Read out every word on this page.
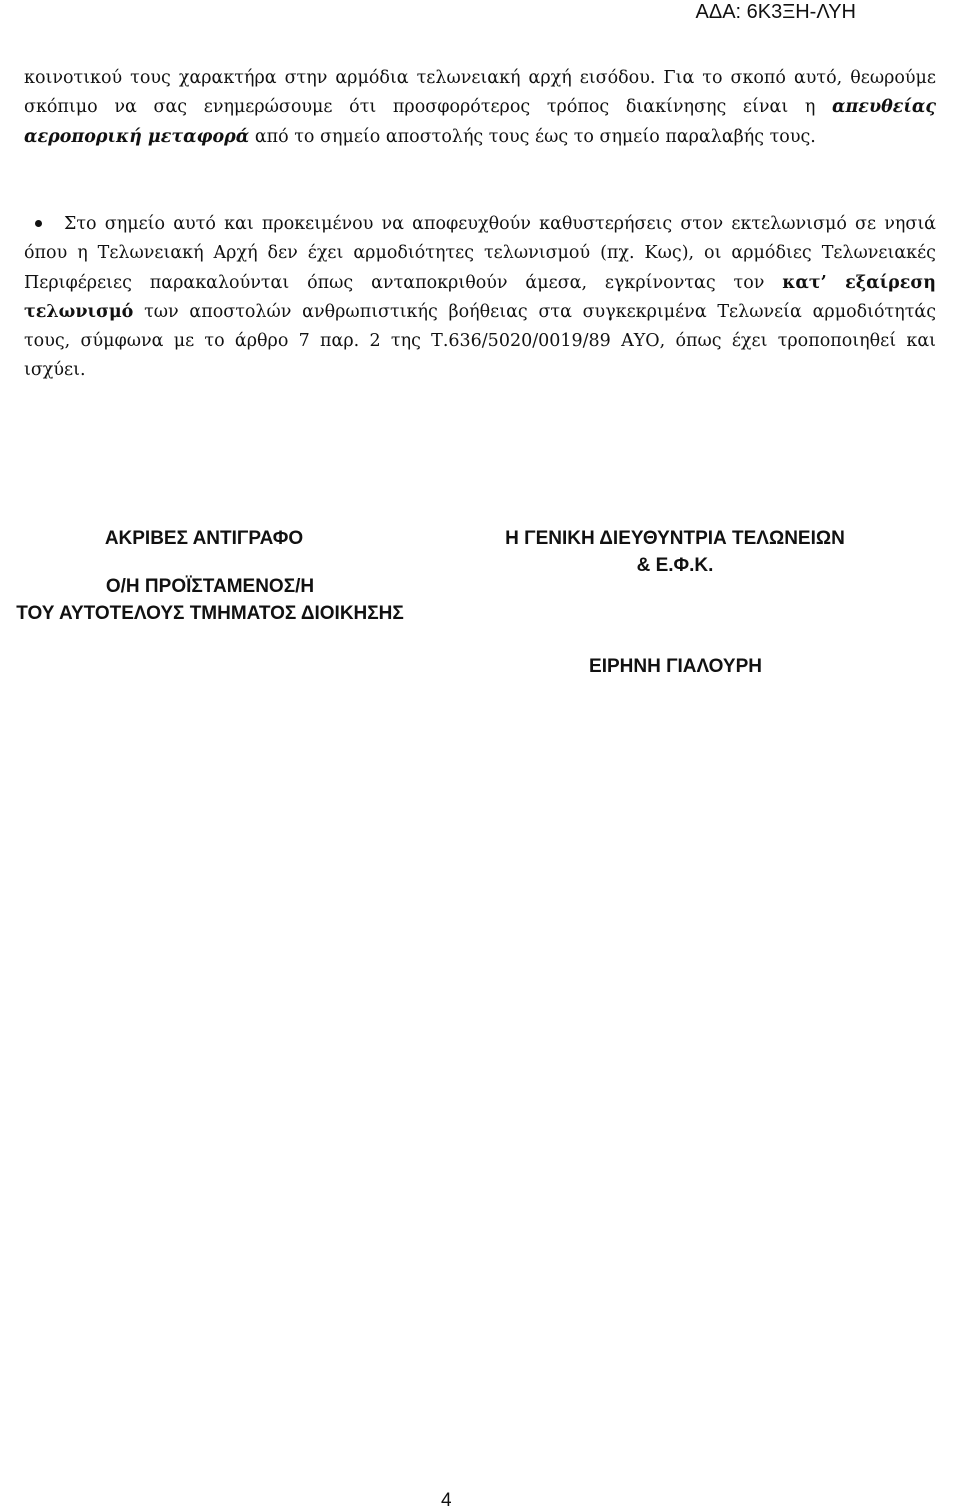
ΑΔΑ: 6Κ3ΞΗ-ΛΥΗ

κοινοτικού τους χαρακτήρα στην αρμόδια τελωνειακή αρχή εισόδου. Για το σκοπό αυτό, θεωρούμε σκόπιμο να σας ενημερώσουμε ότι προσφορότερος τρόπος διακίνησης είναι η απευθείας αεροπορική μεταφορά από το σημείο αποστολής τους έως το σημείο παραλαβής τους.

Στο σημείο αυτό και προκειμένου να αποφευχθούν καθυστερήσεις στον εκτελωνισμό σε νησιά όπου η Τελωνειακή Αρχή δεν έχει αρμοδιότητες τελωνισμού (πχ. Κως), οι αρμόδιες Τελωνειακές Περιφέρειες παρακαλούνται όπως ανταποκριθούν άμεσα, εγκρίνοντας τον κατ’ εξαίρεση τελωνισμό των αποστολών ανθρωπιστικής βοήθειας στα συγκεκριμένα Τελωνεία αρμοδιότητάς τους, σύμφωνα με το άρθρο 7 παρ. 2 της Τ.636/5020/0019/89 ΑΥΟ, όπως έχει τροποποιηθεί και ισχύει.

ΑΚΡΙΒΕΣ ΑΝΤΙΓΡΑΦΟ
Ο/Η ΠΡΟΪΣΤΑΜΕΝΟΣ/Η
ΤΟΥ ΑΥΤΟΤΕΛΟΥΣ ΤΜΗΜΑΤΟΣ ΔΙΟΙΚΗΣΗΣ
Η ΓΕΝΙΚΗ ΔΙΕΥΘΥΝΤΡΙΑ ΤΕΛΩΝΕΙΩΝ
& Ε.Φ.Κ.
ΕΙΡΗΝΗ ΓΙΑΛΟΥΡΗ
4
